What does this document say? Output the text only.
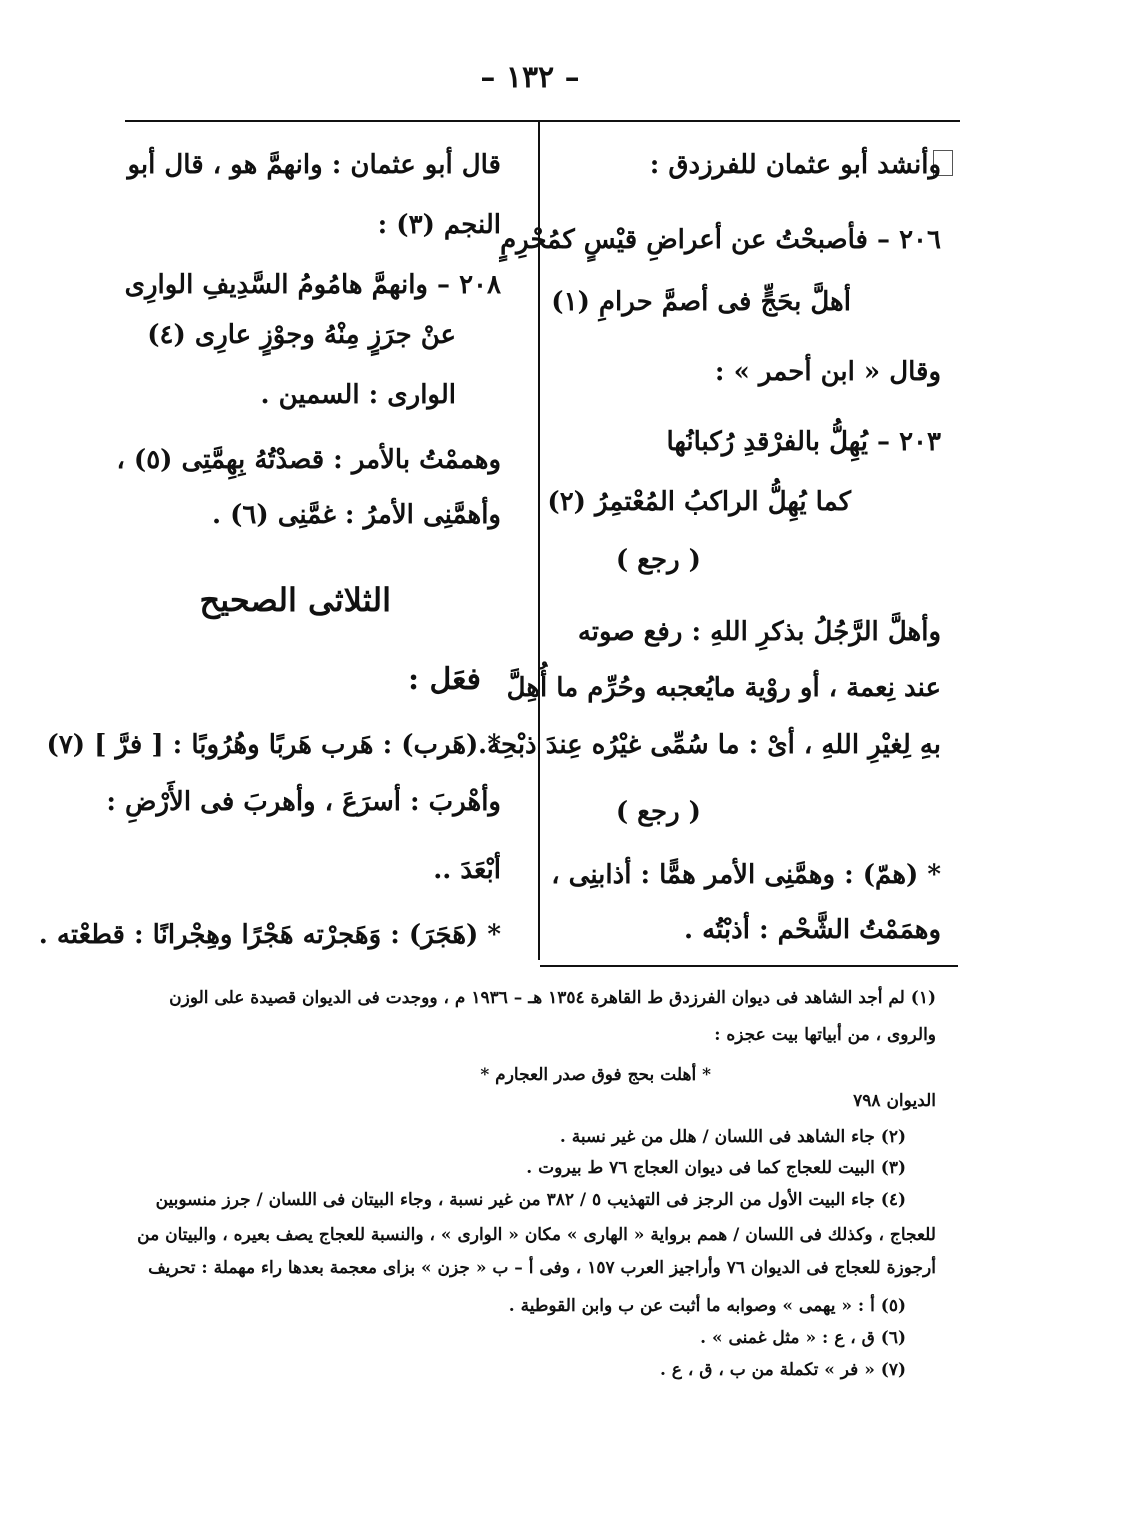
– ١٣٢ –
وأنشد أبو عثمان للفرزدق :
٢٠٦ – فأصبحْتُ عن أعراضِ قيْسٍ كمُحْرِمٍ
أهلَّ بحَجٍّ فى أصمَّ حرامِ (١)
وقال « ابن أحمر » :
٢٠٣ – يُهِلُّ بالفرْقدِ رُكبانُها
كما يُهِلُّ الراكبُ المُعْتمِرُ (٢)
( رجع )
وأهلَّ الرَّجُلُ بذكرِ اللهِ : رفع صوته
عند نِعمة ، أو روْية مايُعجبه وحُرِّم ما أُهِلَّ
بهِ لِغيْرِ اللهِ ، أىْ : ما سُمِّى غيْرُه عِندَ ذبْحِه.
( رجع )
* (همّ) : وهمَّنِى الأمر همًّا : أذابنِى ،
وهمَمْتُ الشَّحْم : أذبْتُه .
قال أبو عثمان : وانهمَّ هو ، قال أبو
النجم (٣) :
٢٠٨ – وانهمَّ هامُومُ السَّدِيفِ الوارِى
عنْ جرَزٍ مِنْهُ وجوْزٍ عارِى (٤)
الوارى : السمين .
وهممْتُ بالأمر : قصدْتُهُ بِهِمَّتِى (٥) ،
وأهمَّنِى الأمرُ : غمَّنِى (٦) .
الثلاثى الصحيح
فعَل :
* (هَرب) : هَرب هَربًا وهُرُوبًا : [ فرَّ ] (٧)
وأهْربَ : أسرَعَ ، وأهربَ فى الأَرْضِ :
أبْعَدَ ..
* (هَجَرَ) : وَهَجرْته هَجْرًا وهِجْرانًا : قطعْته .
(١) لم أجد الشاهد فى ديوان الفرزدق ط القاهرة ١٣٥٤ هـ – ١٩٣٦ م ، ووجدت فى الديوان قصيدة على الوزن
والروى ، من أبياتها بيت عجزه :
* أهلت بحج فوق صدر العجارم *
الديوان ٧٩٨
(٢) جاء الشاهد فى اللسان / هلل من غير نسبة .
(٣) البيت للعجاج كما فى ديوان العجاج ٧٦ ط بيروت .
(٤) جاء البيت الأول من الرجز فى التهذيب ٥ / ٣٨٢ من غير نسبة ، وجاء البيتان فى اللسان / جرز منسوبين
للعجاج ، وكذلك فى اللسان / همم برواية « الهارى » مكان « الوارى » ، والنسبة للعجاج يصف بعيره ، والبيتان من
أرجوزة للعجاج فى الديوان ٧٦ وأراجيز العرب ١٥٧ ، وفى أ – ب « جزن » بزاى معجمة بعدها راء مهملة : تحريف
(٥) أ : « يهمى » وصوابه ما أثبت عن ب وابن القوطية .
(٦) ق ، ع : « مثل غمنى » .
(٧) « فر » تكملة من ب ، ق ، ع .
